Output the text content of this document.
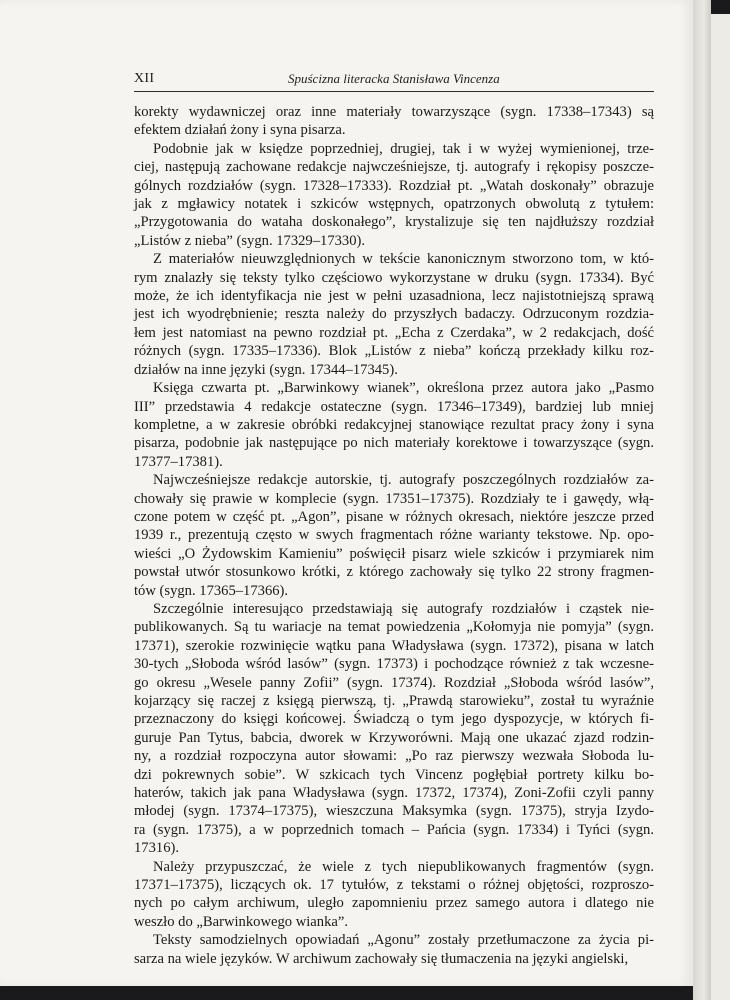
XII	Spuścizna literacka Stanisława Vincenza

korekty wydawniczej oraz inne materiały towarzyszące (sygn. 17338–17343) są
efektem działań żony i syna pisarza.

Podobnie jak w księdze poprzedniej, drugiej, tak i w wyżej wymienionej, trze-
ciej, następują zachowane redakcje najwcześniejsze, tj. autografy i rękopisy poszcze-
gólnych rozdziałów (sygn. 17328–17333). Rozdział pt. „Watah doskonały” obrazuje
jak z mgławicy notatek i szkiców wstępnych, opatrzonych obwolutą z tytułem:
„Przygotowania do wataha doskonałego”, krystalizuje się ten najdłuższy rozdział
„Listów z nieba” (sygn. 17329–17330).

Z materiałów nieuwzględnionych w tekście kanonicznym stworzono tom, w któ-
rym znalazły się teksty tylko częściowo wykorzystane w druku (sygn. 17334). Być
może, że ich identyfikacja nie jest w pełni uzasadniona, lecz najistotniejszą sprawą
jest ich wyodrębnienie; reszta należy do przyszłych badaczy. Odrzuconym rozdzia-
łem jest natomiast na pewno rozdział pt. „Echa z Czerdaka”, w 2 redakcjach, dość
różnych (sygn. 17335–17336). Blok „Listów z nieba” kończą przekłady kilku roz-
działów na inne języki (sygn. 17344–17345).

Księga czwarta pt. „Barwinkowy wianek”, określona przez autora jako „Pasmo
III” przedstawia 4 redakcje ostateczne (sygn. 17346–17349), bardziej lub mniej
kompletne, a w zakresie obróbki redakcyjnej stanowiące rezultat pracy żony i syna
pisarza, podobnie jak następujące po nich materiały korektowe i towarzyszące (sygn.
17377–17381).

Najwcześniejsze redakcje autorskie, tj. autografy poszczególnych rozdziałów za-
chowały się prawie w komplecie (sygn. 17351–17375). Rozdziały te i gawędy, włą-
czone potem w część pt. „Agon”, pisane w różnych okresach, niektóre jeszcze przed
1939 r., prezentują często w swych fragmentach różne warianty tekstowe. Np. opo-
wieści „O Żydowskim Kamieniu” poświęcił pisarz wiele szkiców i przymiarek nim
powstał utwór stosunkowo krótki, z którego zachowały się tylko 22 strony fragmen-
tów (sygn. 17365–17366).

Szczególnie interesująco przedstawiają się autografy rozdziałów i cząstek nie-
publikowanych. Są tu wariacje na temat powiedzenia „Kołomyja nie pomyja” (sygn.
17371), szerokie rozwinięcie wątku pana Władysława (sygn. 17372), pisana w latch
30-tych „Słoboda wśród lasów” (sygn. 17373) i pochodzące również z tak wczesne-
go okresu „Wesele panny Zofii” (sygn. 17374). Rozdział „Słoboda wśród lasów”,
kojarzący się raczej z księgą pierwszą, tj. „Prawdą starowieku”, został tu wyraźnie
przeznaczony do księgi końcowej. Świadczą o tym jego dyspozycje, w których fi-
guruje Pan Tytus, babcia, dworek w Krzyworówni. Mają one ukazać zjazd rodzin-
ny, a rozdział rozpoczyna autor słowami: „Po raz pierwszy wezwała Słoboda lu-
dzi pokrewnych sobie”. W szkicach tych Vincenz pogłębiał portrety kilku bo-
haterów, takich jak pana Władysława (sygn. 17372, 17374), Zoni-Zofii czyli panny
młodej (sygn. 17374–17375), wieszczuna Maksymka (sygn. 17375), stryja Izydo-
ra (sygn. 17375), a w poprzednich tomach – Pańcia (sygn. 17334) i Tyńci (sygn.
17316).

Należy przypuszczać, że wiele z tych niepublikowanych fragmentów (sygn.
17371–17375), liczących ok. 17 tytułów, z tekstami o różnej objętości, rozproszo-
nych po całym archiwum, uległo zapomnieniu przez samego autora i dlatego nie
weszło do „Barwinkowego wianka”.

Teksty samodzielnych opowiadań „Agonu” zostały przetłumaczone za życia pi-
sarza na wiele języków. W archiwum zachowały się tłumaczenia na języki angielski,
